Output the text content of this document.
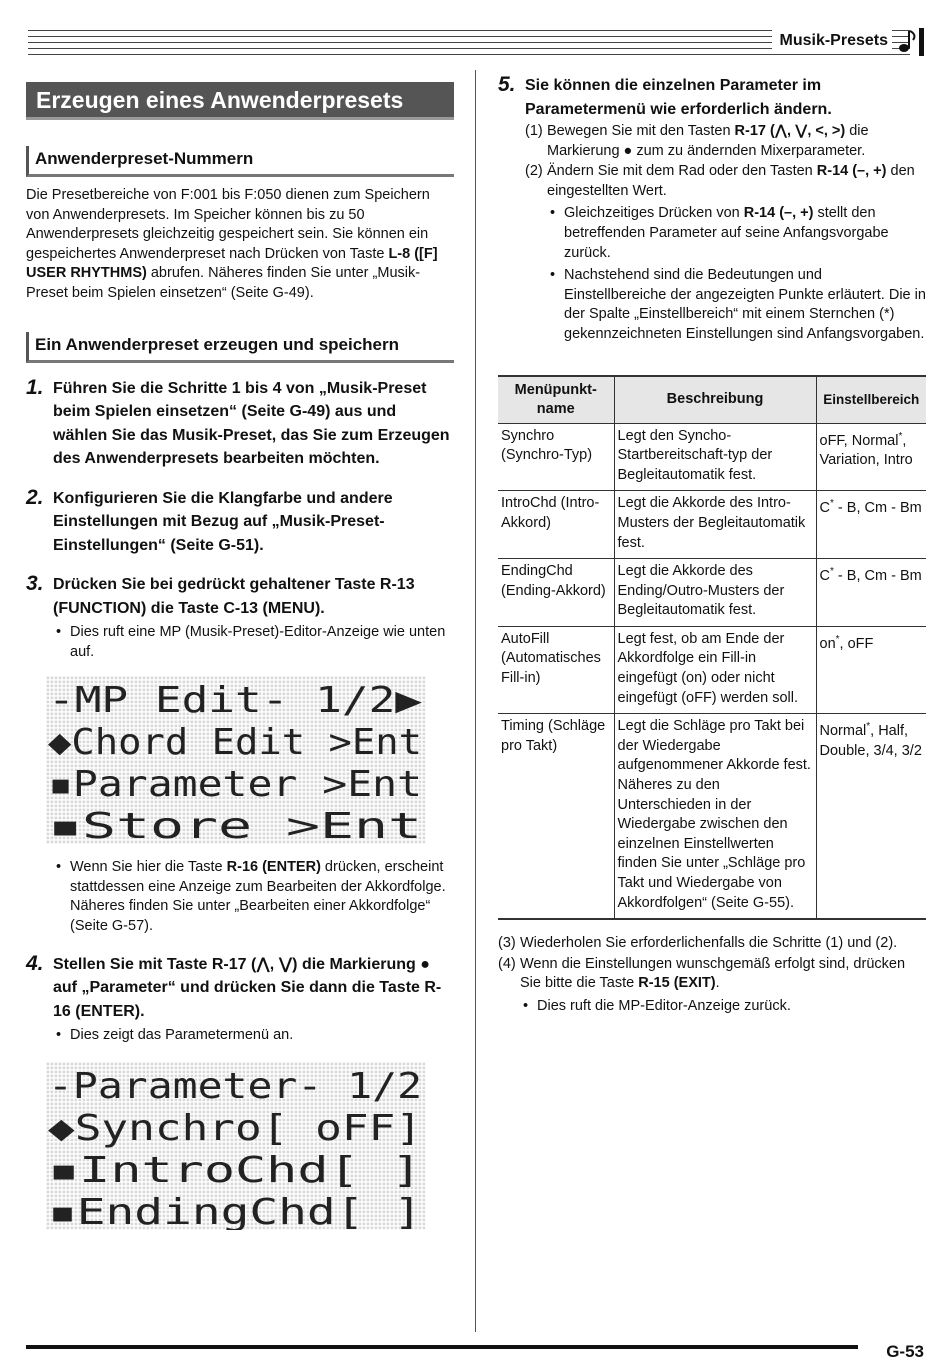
Musik-Presets
Erzeugen eines Anwenderpresets
Anwenderpreset-Nummern
Die Presetbereiche von F:001 bis F:050 dienen zum Speichern von Anwenderpresets. Im Speicher können bis zu 50 Anwenderpresets gleichzeitig gespeichert sein. Sie können ein gespeichertes Anwenderpreset nach Drücken von Taste L-8 ([F] USER RHYTHMS) abrufen. Näheres finden Sie unter „Musik-Preset beim Spielen einsetzen“ (Seite G-49).
Ein Anwenderpreset erzeugen und speichern
1. Führen Sie die Schritte 1 bis 4 von „Musik-Preset beim Spielen einsetzen“ (Seite G-49) aus und wählen Sie das Musik-Preset, das Sie zum Erzeugen des Anwenderpresets bearbeiten möchten.
2. Konfigurieren Sie die Klangfarbe und andere Einstellungen mit Bezug auf „Musik-Preset-Einstellungen“ (Seite G-51).
3. Drücken Sie bei gedrückt gehaltener Taste R-13 (FUNCTION) die Taste C-13 (MENU).
• Dies ruft eine MP (Musik-Preset)-Editor-Anzeige wie unten auf.
-MP Edit- 1/2▶
◆Chord Edit >Ent
▪Parameter >Ent
▪Store >Ent
• Wenn Sie hier die Taste R-16 (ENTER) drücken, erscheint stattdessen eine Anzeige zum Bearbeiten der Akkordfolge. Näheres finden Sie unter „Bearbeiten einer Akkordfolge“ (Seite G-57).
4. Stellen Sie mit Taste R-17 (⋀, ⋁) die Markierung ● auf „Parameter“ und drücken Sie dann die Taste R-16 (ENTER).
• Dies zeigt das Parametermenü an.
-Parameter- 1/2
◆Synchro[ oFF]
▪IntroChd[ ]
▪EndingChd[ ]
5. Sie können die einzelnen Parameter im Parametermenü wie erforderlich ändern.
(1) Bewegen Sie mit den Tasten R-17 (⋀, ⋁, <, >) die Markierung ● zum zu ändernden Mixerparameter.
(2) Ändern Sie mit dem Rad oder den Tasten R-14 (–, +) den eingestellten Wert.
• Gleichzeitiges Drücken von R-14 (–, +) stellt den betreffenden Parameter auf seine Anfangsvorgabe zurück.
• Nachstehend sind die Bedeutungen und Einstellbereiche der angezeigten Punkte erläutert. Die in der Spalte „Einstellbereich“ mit einem Sternchen (*) gekennzeichneten Einstellungen sind Anfangsvorgaben.
Menüpunkt-name	Beschreibung	Einstellbereich
Synchro (Synchro-Typ)	Legt den Syncho-Startbereitschaft-typ der Begleitautomatik fest.	oFF, Normal*, Variation, Intro
IntroChd (Intro-Akkord)	Legt die Akkorde des Intro-Musters der Begleitautomatik fest.	C* - B, Cm - Bm
EndingChd (Ending-Akkord)	Legt die Akkorde des Ending/Outro-Musters der Begleitautomatik fest.	C* - B, Cm - Bm
AutoFill (Automatisches Fill-in)	Legt fest, ob am Ende der Akkordfolge ein Fill-in eingefügt (on) oder nicht eingefügt (oFF) werden soll.	on*, oFF
Timing (Schläge pro Takt)	Legt die Schläge pro Takt bei der Wiedergabe aufgenommener Akkorde fest. Näheres zu den Unterschieden in der Wiedergabe zwischen den einzelnen Einstellwerten finden Sie unter „Schläge pro Takt und Wiedergabe von Akkordfolgen“ (Seite G-55).	Normal*, Half, Double, 3/4, 3/2
(3) Wiederholen Sie erforderlichenfalls die Schritte (1) und (2).
(4) Wenn die Einstellungen wunschgemäß erfolgt sind, drücken Sie bitte die Taste R-15 (EXIT).
• Dies ruft die MP-Editor-Anzeige zurück.
G-53
